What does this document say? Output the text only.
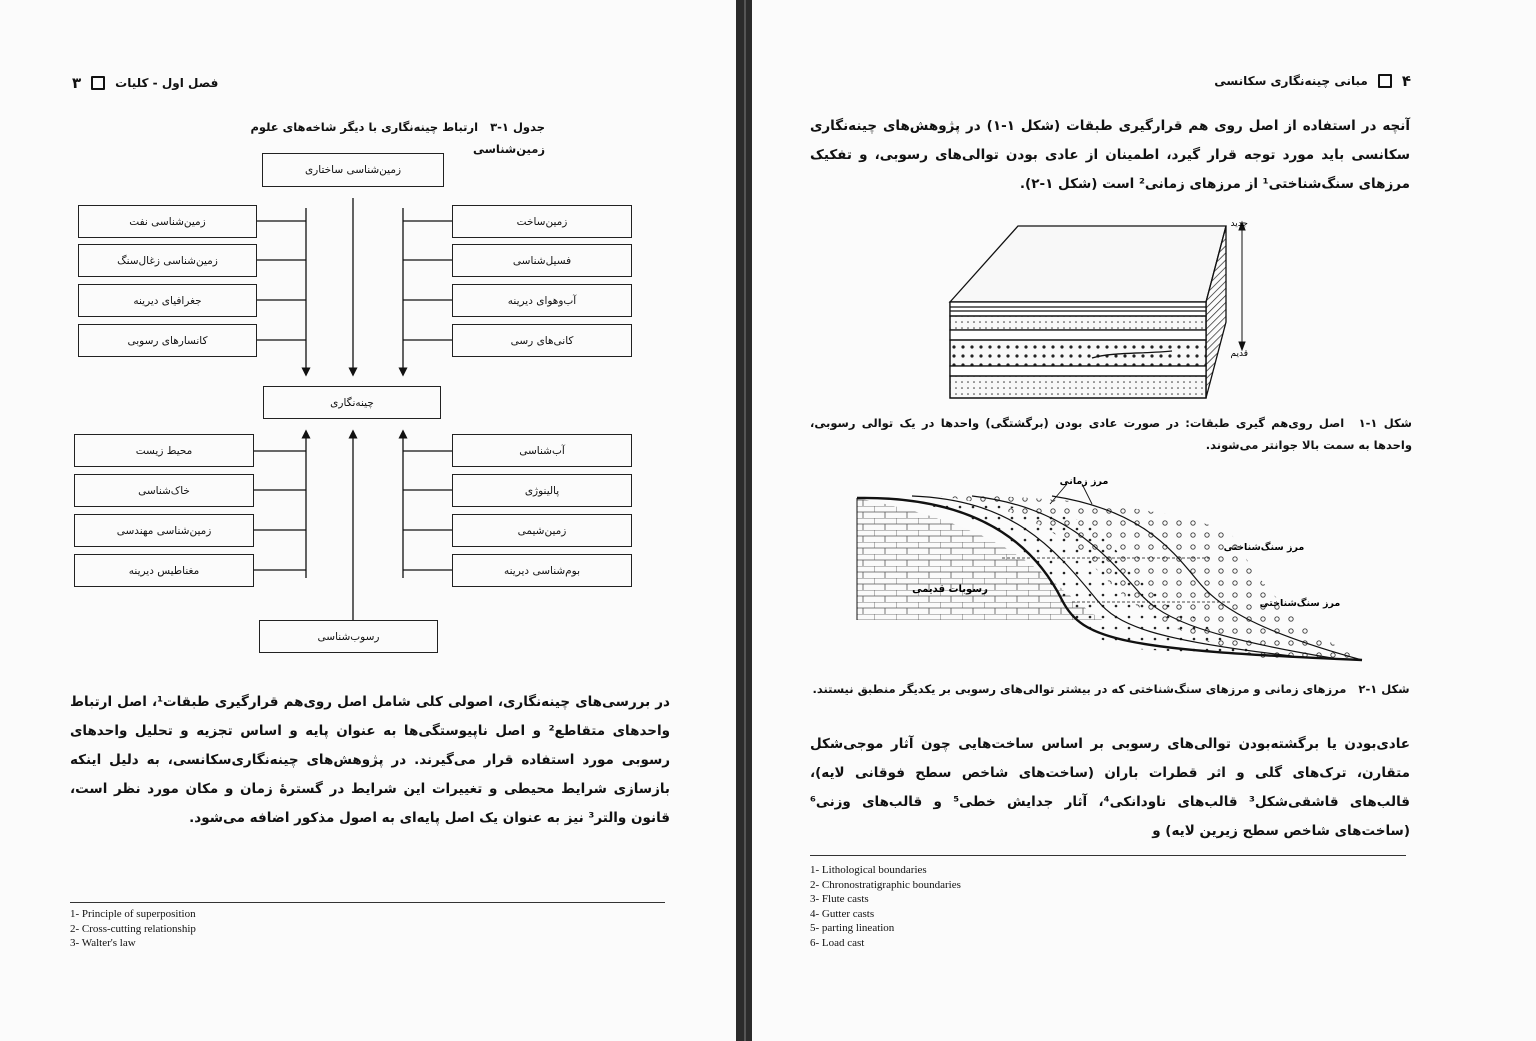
فصل اول - کلیات
۳
جدول ۱-۳ ارتباط چینه‌نگاری با دیگر شاخه‌های علوم زمین‌شناسی
زمین‌شناسی ساختاری
زمین‌ساخت
فسیل‌شناسی
آب‌وهوای دیرینه
کانی‌های رسی
زمین‌شناسی نفت
زمین‌شناسی زغال‌سنگ
جغرافیای دیرینه
کانسارهای رسوبی
چینه‌نگاری
آب‌شناسی
پالینوژی
زمین‌شیمی
بوم‌شناسی دیرینه
محیط زیست
خاک‌شناسی
زمین‌شناسی مهندسی
مغناطیس دیرینه
رسوب‌شناسی
در بررسی‌های چینه‌نگاری، اصولی کلی شامل اصل روی‌هم قرارگیری طبقات¹، اصل ارتباط واحدهای متقاطع² و اصل ناپیوستگی‌ها به عنوان پایه و اساس تجزیه و تحلیل واحدهای رسوبی مورد استفاده قرار می‌گیرند. در پژوهش‌های چینه‌نگاری‌سکانسی، به دلیل اینکه بازسازی شرایط محیطی و تغییرات این شرایط در گسترهٔ زمان و مکان مورد نظر است، قانون والتر³ نیز به عنوان یک اصل پایه‌ای به اصول مذکور اضافه می‌شود.
1- Principle of superposition
2- Cross-cutting relationship
3- Walter's law
۴
مبانی چینه‌نگاری سکانسی
آنچه در استفاده از اصل روی هم قرارگیری طبقات (شکل ۱-۱) در پژوهش‌های چینه‌نگاری سکانسی باید مورد توجه قرار گیرد، اطمینان از عادی بودن توالی‌های رسوبی، و تفکیک مرزهای سنگ‌شناختی¹ از مرزهای زمانی² است (شکل ۱-۲).
جدید
قدیم
شکل ۱-۱ اصل روی‌هم گیری طبقات: در صورت عادی بودن (برگشتگی) واحدها در یک توالی رسوبی، واحدها به سمت بالا جوانتر می‌شوند.
مرز زمانی
مرز سنگ‌شناختی
مرز سنگ‌شناختی
رسوبات قدیمی
شکل ۱-۲ مرزهای زمانی و مرزهای سنگ‌شناختی که در بیشتر توالی‌های رسوبی بر یکدیگر منطبق نیستند.
عادی‌بودن یا برگشته‌بودن توالی‌های رسوبی بر اساس ساخت‌هایی چون آثار موجی‌شکل متقارن، ترک‌های گلی و اثر قطرات باران (ساخت‌های شاخص سطح فوقانی لایه)، قالب‌های قاشقی‌شکل³ قالب‌های ناودانکی⁴، آثار جدایش خطی⁵ و قالب‌های وزنی⁶ (ساخت‌های شاخص سطح زیرین لایه) و
1- Lithological boundaries
2- Chronostratigraphic boundaries
3- Flute casts
4- Gutter casts
5- parting lineation
6- Load cast
